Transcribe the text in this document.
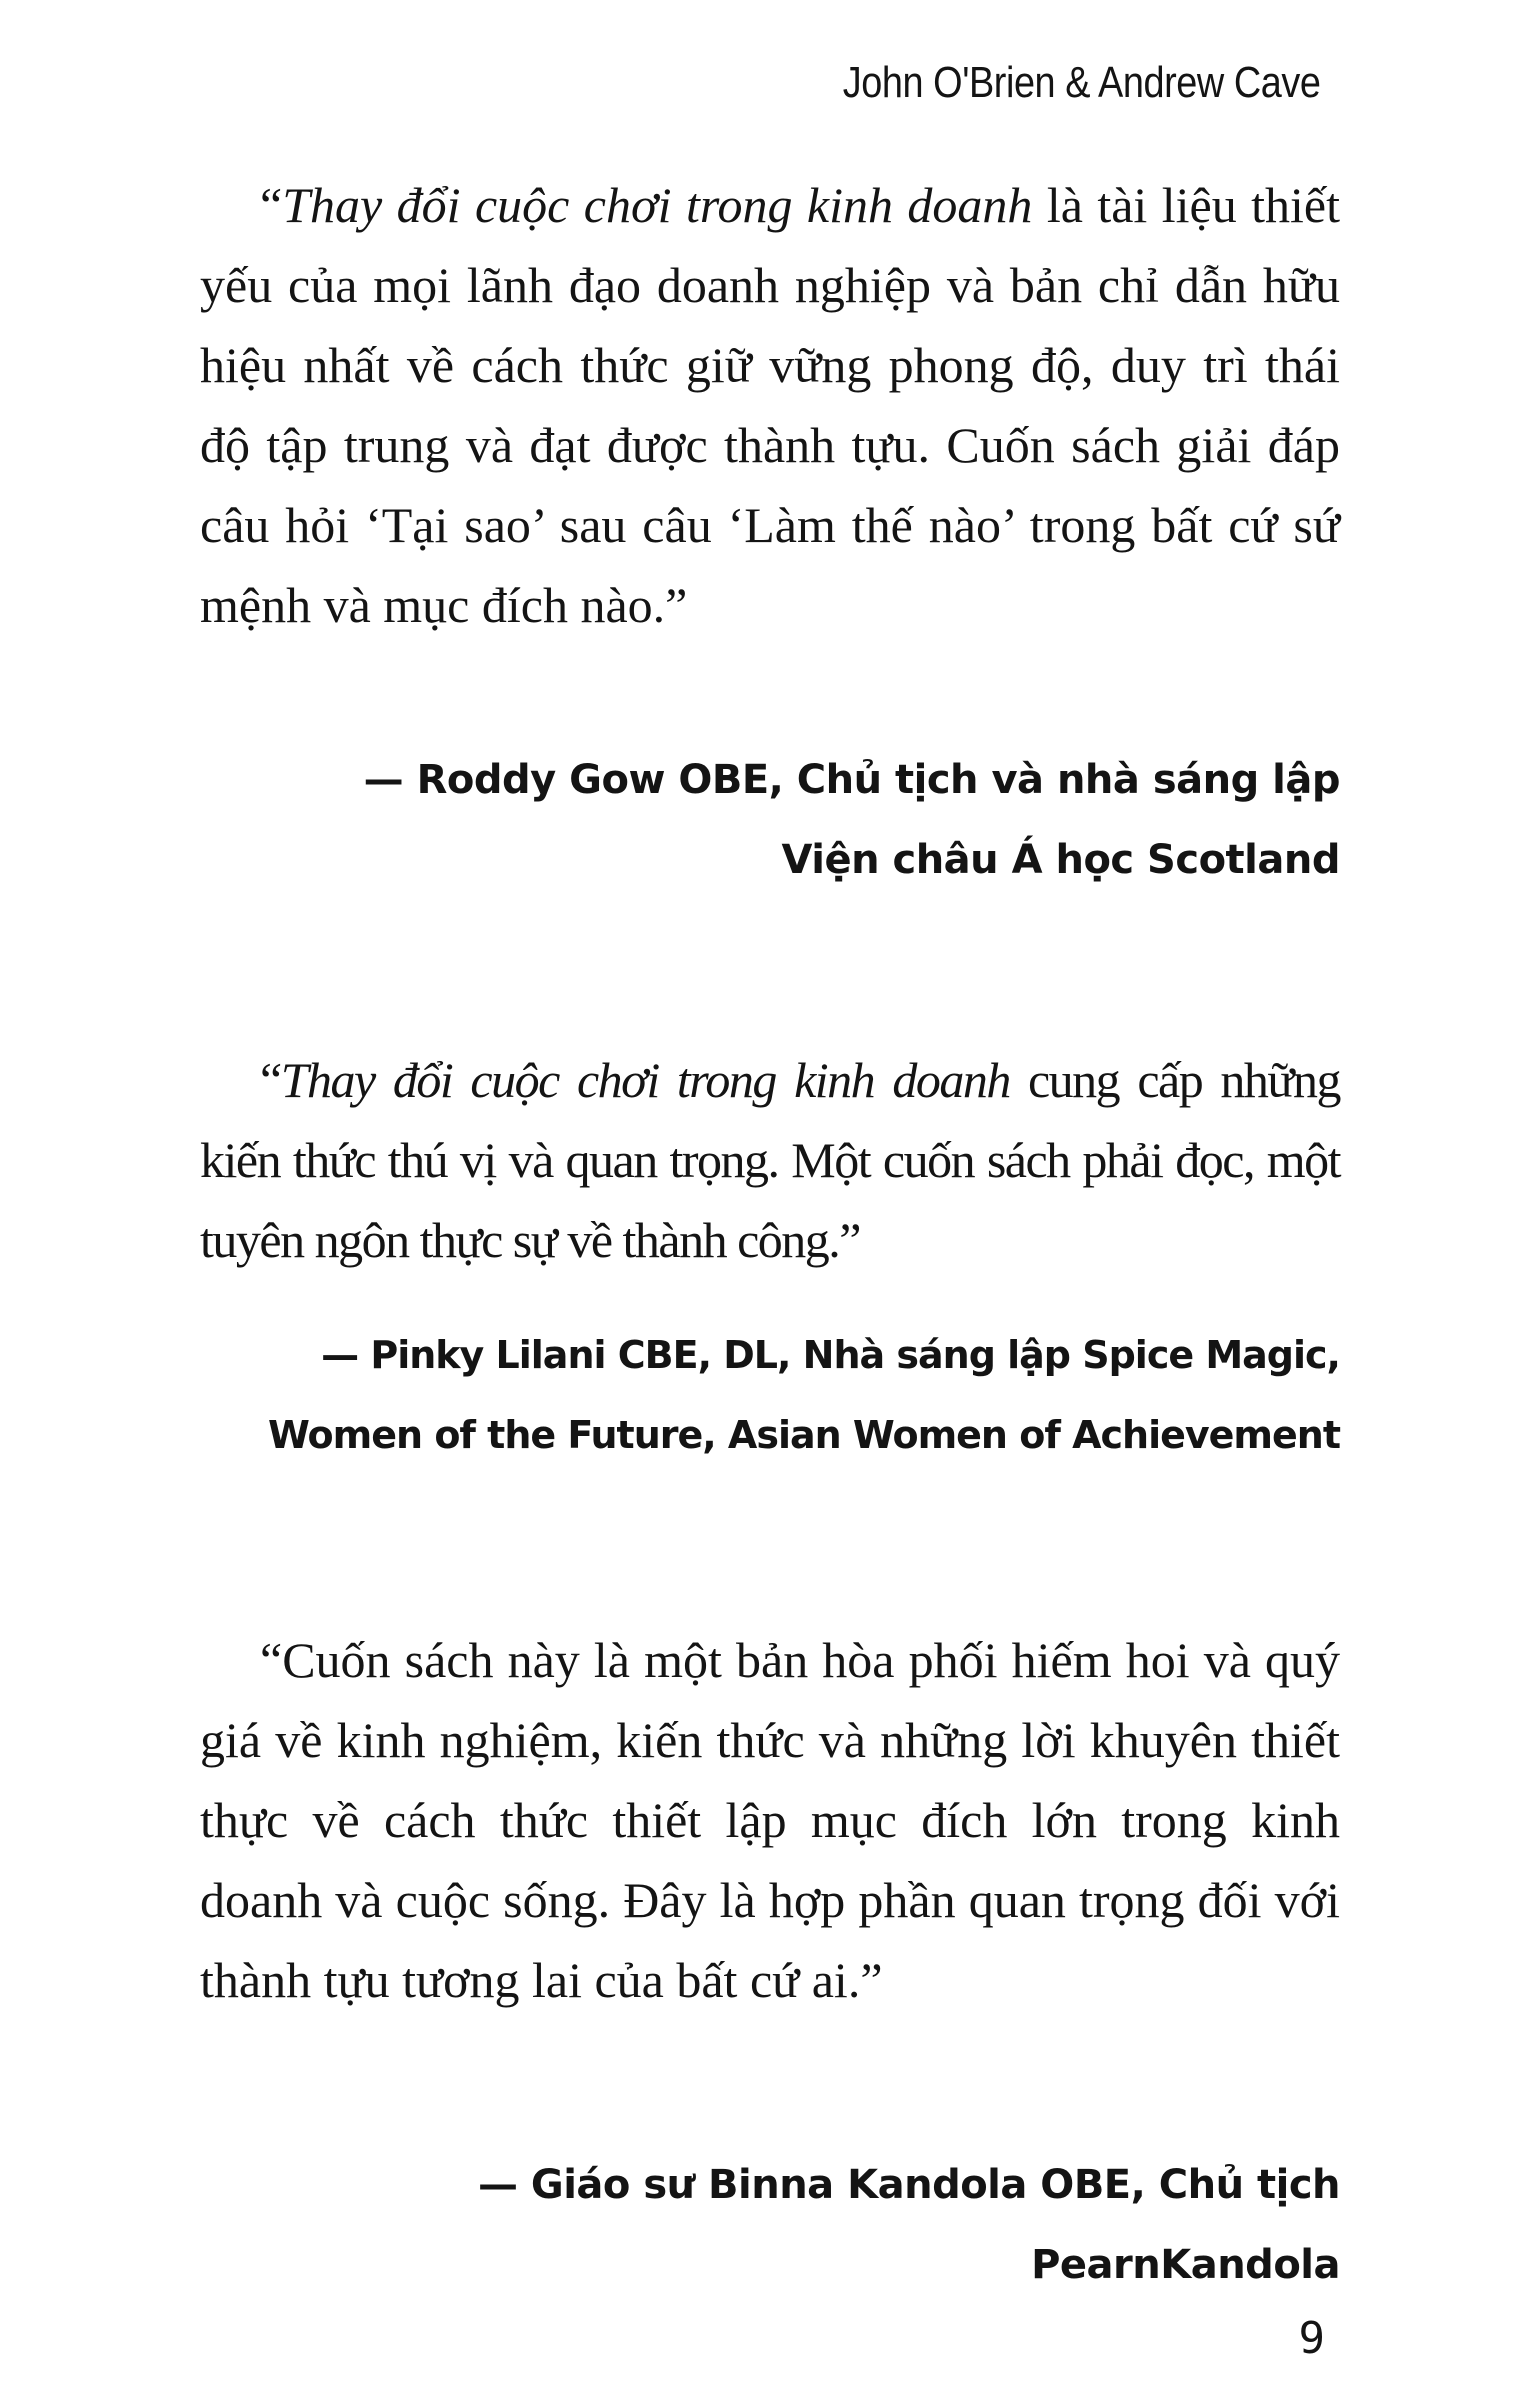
John O'Brien & Andrew Cave

“Thay đổi cuộc chơi trong kinh doanh là tài liệu thiết yếu của mọi lãnh đạo doanh nghiệp và bản chỉ dẫn hữu hiệu nhất về cách thức giữ vững phong độ, duy trì thái độ tập trung và đạt được thành tựu. Cuốn sách giải đáp câu hỏi ‘Tại sao’ sau câu ‘Làm thế nào’ trong bất cứ sứ mệnh và mục đích nào.”

— Roddy Gow OBE, Chủ tịch và nhà sáng lập Viện châu Á học Scotland

“Thay đổi cuộc chơi trong kinh doanh cung cấp những kiến thức thú vị và quan trọng. Một cuốn sách phải đọc, một tuyên ngôn thực sự về thành công.”

— Pinky Lilani CBE, DL, Nhà sáng lập Spice Magic, Women of the Future, Asian Women of Achievement

“Cuốn sách này là một bản hòa phối hiếm hoi và quý giá về kinh nghiệm, kiến thức và những lời khuyên thiết thực về cách thức thiết lập mục đích lớn trong kinh doanh và cuộc sống. Đây là hợp phần quan trọng đối với thành tựu tương lai của bất cứ ai.”

— Giáo sư Binna Kandola OBE, Chủ tịch PearnKandola
9
